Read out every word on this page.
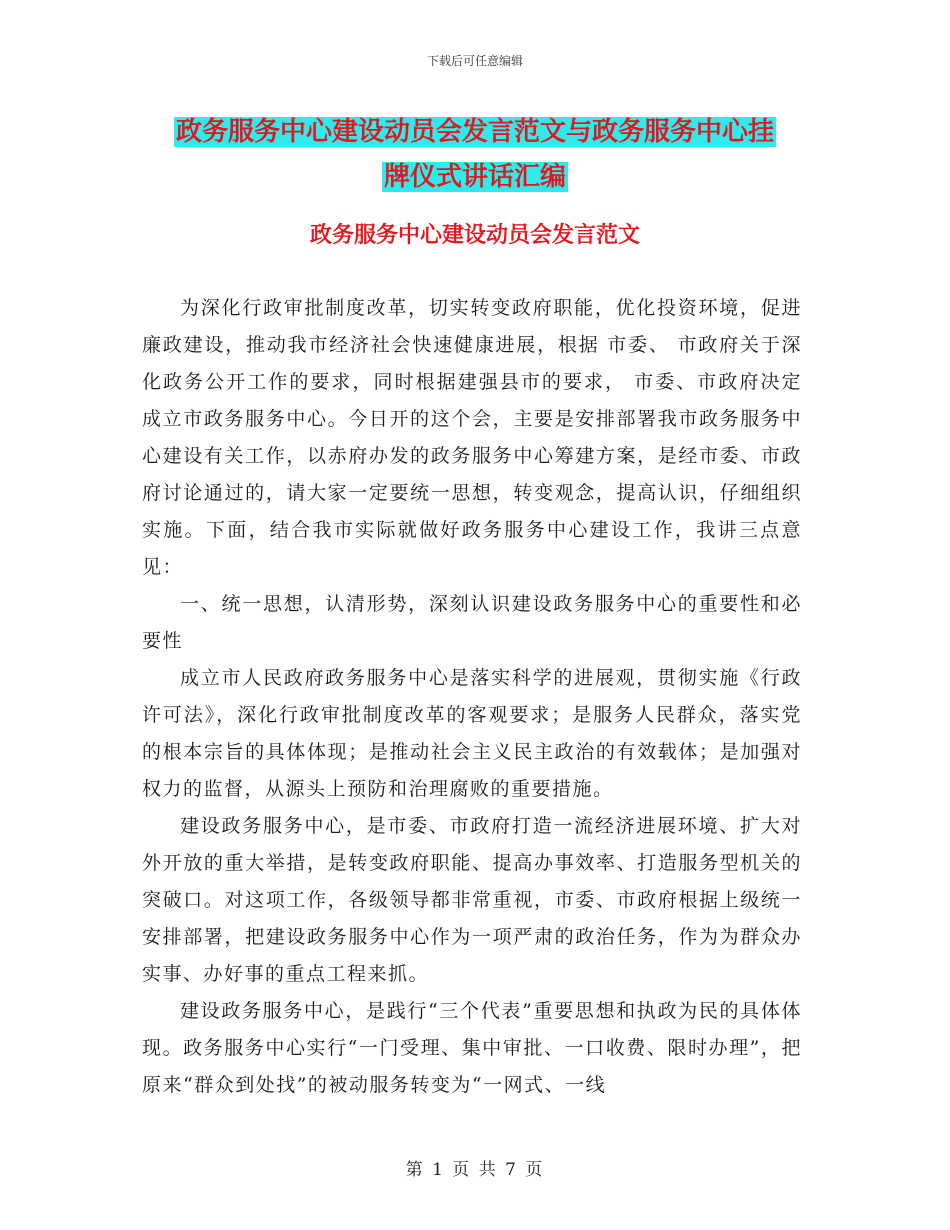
下载后可任意编辑
政务服务中心建设动员会发言范文与政务服务中心挂
牌仪式讲话汇编
政务服务中心建设动员会发言范文

为深化行政审批制度改革，切实转变政府职能，优化投资环境，促进廉政建设，推动我市经济社会快速健康进展，根据 市委、 市政府关于深化政务公开工作的要求，同时根据建强县市的要求， 市委、市政府决定成立市政务服务中心。今日开的这个会，主要是安排部署我市政务服务中心建设有关工作，以赤府办发的政务服务中心筹建方案，是经市委、市政府讨论通过的，请大家一定要统一思想，转变观念，提高认识，仔细组织实施。下面，结合我市实际就做好政务服务中心建设工作，我讲三点意见：

一、统一思想，认清形势，深刻认识建设政务服务中心的重要性和必要性

成立市人民政府政务服务中心是落实科学的进展观，贯彻实施《行政许可法》，深化行政审批制度改革的客观要求；是服务人民群众，落实党的根本宗旨的具体体现；是推动社会主义民主政治的有效载体；是加强对权力的监督，从源头上预防和治理腐败的重要措施。

建设政务服务中心，是市委、市政府打造一流经济进展环境、扩大对外开放的重大举措，是转变政府职能、提高办事效率、打造服务型机关的突破口。对这项工作，各级领导都非常重视，市委、市政府根据上级统一安排部署，把建设政务服务中心作为一项严肃的政治任务，作为为群众办实事、办好事的重点工程来抓。

建设政务服务中心，是践行“三个代表”重要思想和执政为民的具体体现。政务服务中心实行“一门受理、集中审批、一口收费、限时办理”，把原来“群众到处找”的被动服务转变为“一网式、一线

第 1 页 共 7 页
